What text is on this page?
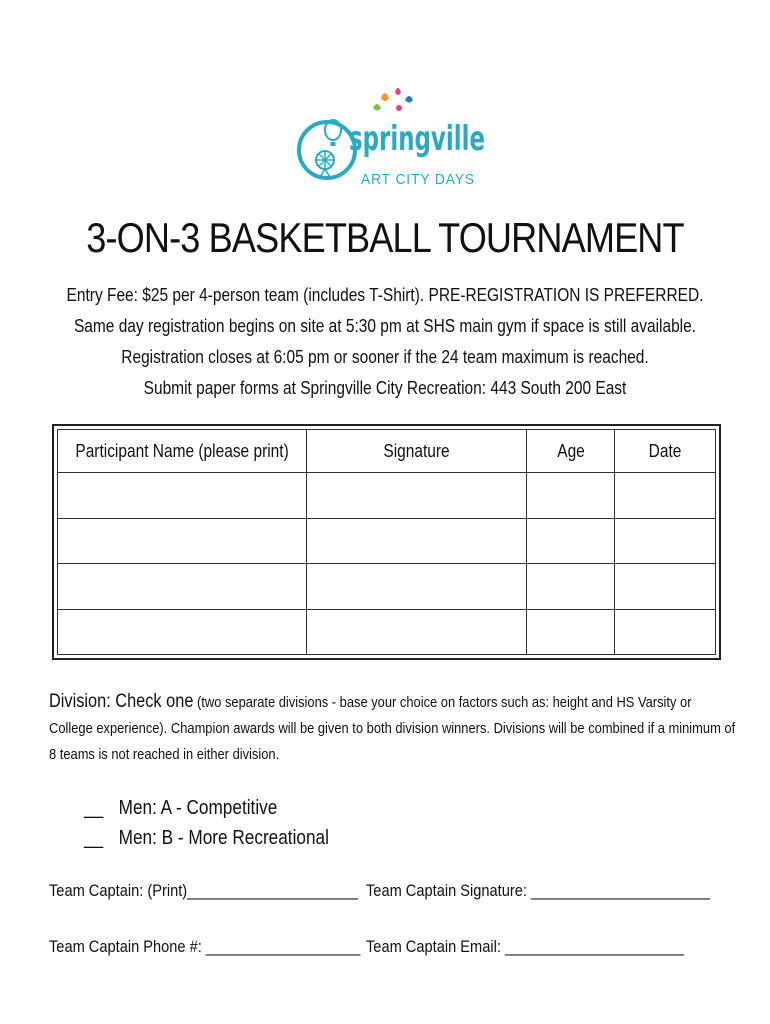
springville
ART CITY DAYS
3-ON-3 BASKETBALL TOURNAMENT
Entry Fee: $25 per 4-person team (includes T-Shirt). PRE-REGISTRATION IS PREFERRED.
Same day registration begins on site at 5:30 pm at SHS main gym if space is still available.
Registration closes at 6:05 pm or sooner if the 24 team maximum is reached.
Submit paper forms at Springville City Recreation: 443 South 200 East
Participant Name (please print)	Signature	Age	Date

Division: Check one (two separate divisions - base your choice on factors such as: height and HS Varsity or College experience). Champion awards will be given to both division winners. Divisions will be combined if a minimum of 8 teams is not reached in either division.
__ Men: A - Competitive
__ Men: B - More Recreational
Team Captain: (Print)_____________________ Team Captain Signature: ______________________
Team Captain Phone #: ___________________ Team Captain Email: ______________________
